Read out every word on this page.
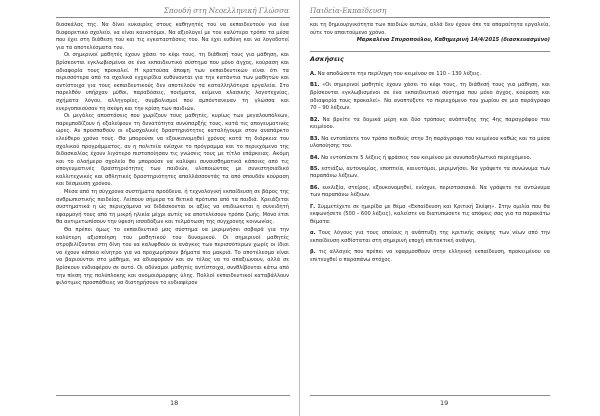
Σπουδή στη Νεοελληνική Γλώσσα

διασκάλας της. Να δίνει ευκαιρίες στους καθηγητές του να εκπαιδευτούν για ένα διαφορετικό σχολείο, να είναι καινοτόμοι. Να αξιολογεί με τον καλύτερο τρόπο τα μέσα που έχει στη διάθεση του και τις εγκαταστάσεις του. Να έχει ευθύνη και να λογοδοτεί για τα αποτελέσματα του.

Οι σημερινοί μαθητές έχουν χάσει το κέφι τους, τη διάθεσή τους για μάθηση, και βρίσκονται εγκλωβισμένοι σε ένα εκπαιδευτικό σύστημα που μόνο άγχος, κούραση και αδιαφορία τους προκαλεί. Η κρατούσα άποψη των εκπαιδευτικών είναι ότι τα περισσότερα από τα σχολικά εγχειρίδια ευθύνονται για την κατάντια των μαθητών και αντίστοιχα για τους εκπαιδευτικούς δεν αποτελούν τα καταλληλότερα εργαλεία. Στο παρελθόν υπήρχαν μύθοι, παραδόσεις, ποιήματα, κείμενα κλασικής λογοτεχνίας, σχήματα λόγου, αλληγορίες, συμβολισμοί που αμπόντανευαν τη γλώσσα και ενεργοποιούσαν τη σκέψη και την κρίση των παιδιών.

Οι μεγάλες αποστάσεις που χωρίζουν τους μαθητές, κυρίως των μεγαλουπόλεων, παρεμποδίζουν ή εξαλείφουν τη δυνατότητα συνύπαρξής τους, κατά τις απογευματινές ώρες. Αν προσπαθούν οι εξωσχολικές δραστηριότητες καταλήγουμε στον αναπάρκτο ελεύθερο χρόνο τους. Θα μπορούσε να εξουκονομηθεί χρόνος κατά τη διάρκεια του σχολικού προγράμματος, αν η πολιτεία ενίσχυε το πρόγραμμα και το περιεχόμενο της διδασκαλίας έχουν λιγότερο πιστοποίησαν τις γνώσεις τους με τίτλο επάρκειας. Ακόμη και το ολοήμερο σχολείο θα μπορούσε να καλύψει συναισθηματικά κάποιες από τις απογευματινές δραστηριότητες των παιδιών, υλοποιώντας με συνεστησιαδικό καλλιτεχνικές και αθλητικές δραστηριότητες απαλλάσσοντάς τα από σπουδάν κούραση και δέσμευση χρόνου.

Μέσα από τη σύγχρονα συστήματα προόδευα, ή τεχνολογική εκπαίδευση σε βάρος της ανθρωπιστικής παιδείας. Λείπουν σήμερα τα θετικά πρότυπα από τα παιδιά. Χρειάζεται συστηματικά η ώς περιεχόμενα να διδάσκονται οι αξίες να επιδιώκεται η συνειδητή εφαρμογή τους από τη μικρή ηλικία μέχρι αυτές να αποτελέσουν τρόπο ζωής. Μόνο έτσι θα αντιμετωπίσουν την ύφεση ισσοδόξων και τελμάτωση της σύγχρονης κοινωνίας.

Θα πρέπει όμως το εκπαιδευτικό μας σύστημα να μεριμνήσει σοβαρά για την καλύτερη αξιοποίηση του μαθητικού του δυναμικού. Οι σημερινοί μαθητές στροβιλίζονται στη δίνη του να καλυφθούν οι ανάγκες των περισσότερων χωρίς οι ίδιοι να έχουν κάποιο κίνητρο για να προχωρήσουν βήματα πιο μακριά. Το αποτέλεσμα είναι να βαριούνται στο μάθημα, να αδιαφορούν και αν τέλος να το απαξιώνουν, αλλά σε βρίσκουν ενδιαφέρον σε αυτό. Οι αδύναμοι μαθητές αντίστοιχα, συνθλίβονται κάτω από την πίεση της πολύπλοκης και ανομοιόμορφης ύλης. Πολλοί εκπαιδευτικοί καταβάλλουν φιλότιμες προσπάθειες να διατηρήσουν το ενδιαφέρον

18
Παιδεία-Εκπαίδευση

και τη δημιουργικότητα των παιδιών αυτών, αλλά δεν έχουν όπε τα απαραίτητα εργαλεία, ούτε τον απαιτούμενο χρόνο.

Μαρκαλένα Σπυροπούλου, Καθημερινή 14/4/2015 (διασκευασμένο)
Ασκήσεις

A. Να αποδώσετε την περίληψη του κειμένου σε 110 – 130 λέξεις.

B1. «Οι σημερινοί μαθητές έχουν χάσει το κέφι τους, τη διάθεσή τους για μάθηση, και βρίσκονται εγκλωβισμένοι σε ένα εκπαιδευτικό σύστημα που μόνο άγχος, κούραση και αδιαφορία τους προκαλεί». Να αναπτύξετε το περιεχόμενο του χωρίου σε μια παράγραφο 70 – 90 λέξεων.

B2. Να βρείτε τα δομικά μέρη και δύο τρόπους ανάπτυξης της 4ης παραγράφου του κειμένου.

B3. Να εντοπίσετε τον τρόπο πειθούς στην 3η παράγραφο του κειμένου καθώς και τα μέσα υλοποίησης του.

B4. Να εντοπίσετε 5 λέξεις ή φράσεις του κειμένου με συνυποδηλωτικό περιεχόμενο.

B5. εστιάζω, αυτονομίας, εποπτεία, καινοτόμοι, μεριμνήσει. Να γράψετε τα συνώνυμα των παραπάνω λέξεων.

B6. ευελιξία, στείρος, εξουκονομηθεί, ενίσχυε, περιστασιακά. Να γράψετε τα αντώνυμα των παραπάνω λέξεων.

Γ. Συμμετέχετε σε ημερίδα με θέμα «Εκπαίδευση και Κριτική Σκέψη». Στην ομιλία που θα εκφωνήσετε (500 – 600 λέξεις), καλείστε να διατυπώσετε τις απόψεις σας για τα παρακάτω θέματα:

α. Τους λόγους για τους οποίους η ανάπτυξη της κριτικής σκέψης των νέων από την εκπαίδευση καθίσταται στη σημερινή εποχή επιτακτική ανάγκη,

β. τις αλλαγές που πρέπει να εφαρμοσθούν στην ελληνική εκπαίδευση, προκειμένου να επιτευχθεί ο παραπάνω στόχος.

19
